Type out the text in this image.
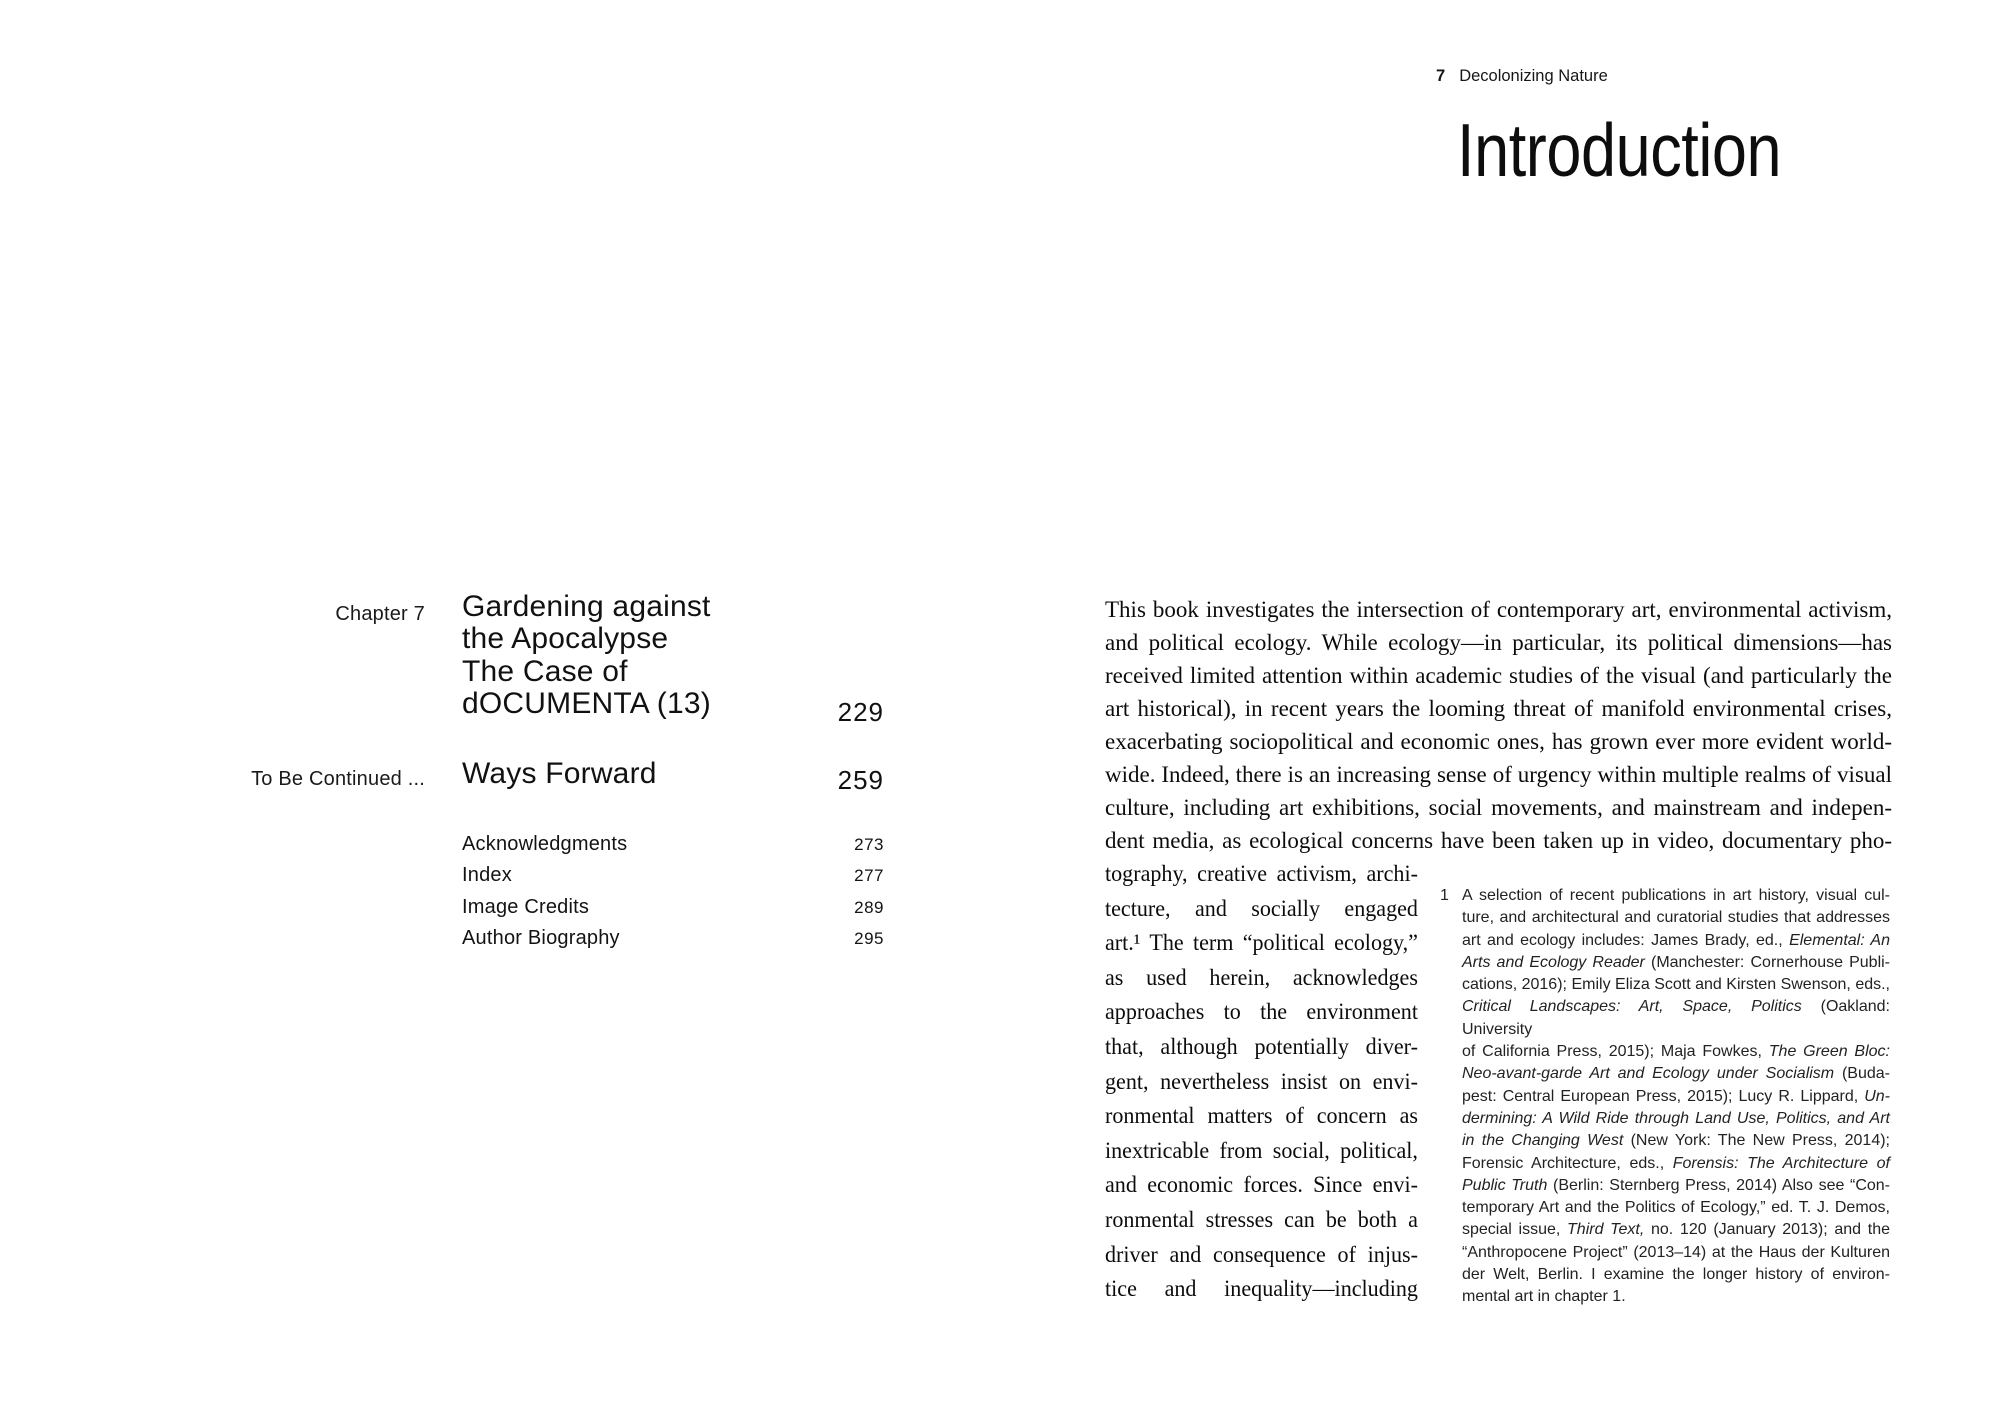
Chapter 7 Gardening against
the Apocalypse
The Case of
dOCUMENTA (13)	229
To Be Continued ... Ways Forward	259
Acknowledgments	273
Index	277
Image Credits	289
Author Biography	295
7 Decolonizing Nature
Introduction
This book investigates the intersection of contemporary art, environmental activism,
and political ecology. While ecology—in particular, its political dimensions—has
received limited attention within academic studies of the visual (and particularly the
art historical), in recent years the looming threat of manifold environmental crises,
exacerbating sociopolitical and economic ones, has grown ever more evident world-
wide. Indeed, there is an increasing sense of urgency within multiple realms of visual
culture, including art exhibitions, social movements, and mainstream and indepen-
dent media, as ecological concerns have been taken up in video, documentary pho-
tography, creative activism, archi-
tecture, and socially engaged
art.¹ The term “political ecology,”
as used herein, acknowledges
approaches to the environment
that, although potentially diver-
gent, nevertheless insist on envi-
ronmental matters of concern as
inextricable from social, political,
and economic forces. Since envi-
ronmental stresses can be both a
driver and consequence of injus-
tice and inequality—including
1 A selection of recent publications in art history, visual cul-
ture, and architectural and curatorial studies that addresses
art and ecology includes: James Brady, ed., Elemental: An
Arts and Ecology Reader (Manchester: Cornerhouse Publi-
cations, 2016); Emily Eliza Scott and Kirsten Swenson, eds.,
Critical Landscapes: Art, Space, Politics (Oakland: University
of California Press, 2015); Maja Fowkes, The Green Bloc:
Neo-avant-garde Art and Ecology under Socialism (Buda-
pest: Central European Press, 2015); Lucy R. Lippard, Un-
dermining: A Wild Ride through Land Use, Politics, and Art
in the Changing West (New York: The New Press, 2014);
Forensic Architecture, eds., Forensis: The Architecture of
Public Truth (Berlin: Sternberg Press, 2014) Also see “Con-
temporary Art and the Politics of Ecology,” ed. T. J. Demos,
special issue, Third Text, no. 120 (January 2013); and the
“Anthropocene Project” (2013–14) at the Haus der Kulturen
der Welt, Berlin. I examine the longer history of environ-
mental art in chapter 1.
